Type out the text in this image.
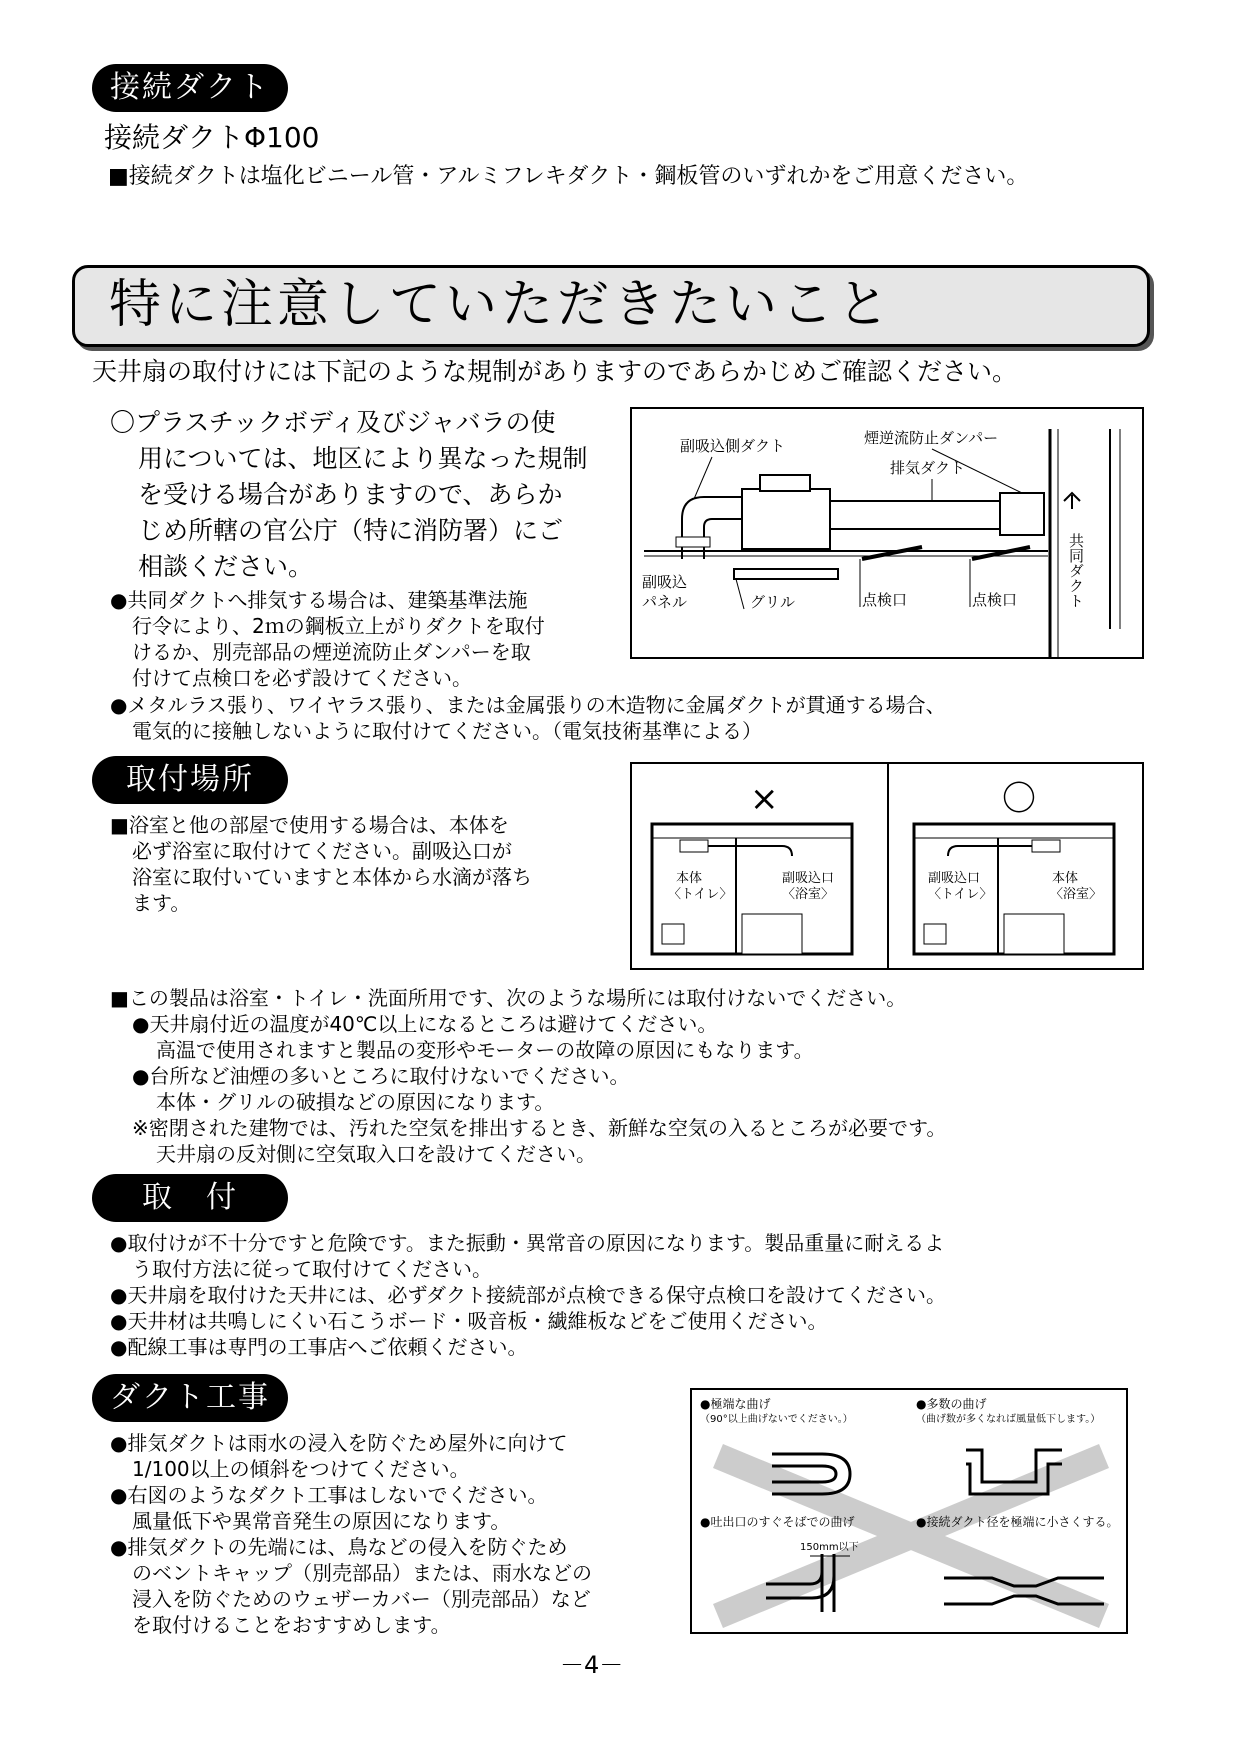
接続ダクト
接続ダクトΦ100
■接続ダクトは塩化ビニール管・アルミフレキダクト・鋼板管のいずれかをご用意ください。
特に注意していただきたいこと
天井扇の取付けには下記のような規制がありますのであらかじめご確認ください。
〇プラスチックボディ及びジャバラの使
用については、地区により異なった規制
を受ける場合がありますので、あらか
じめ所轄の官公庁（特に消防署）にご
相談ください。
●共同ダクトへ排気する場合は、建築基準法施
行令により、2ｍの鋼板立上がりダクトを取付
けるか、別売部品の煙逆流防止ダンパーを取
付けて点検口を必ず設けてください。
●メタルラス張り、ワイヤラス張り、または金属張りの木造物に金属ダクトが貫通する場合、
電気的に接触しないように取付けてください。（電気技術基準による）
副吸込側ダクト	煙逆流防止ダンパー
排気ダクト
副吸込
パネル	グリル	点検口	点検口	共同ダクト
取付場所
■浴室と他の部屋で使用する場合は、本体を
必ず浴室に取付けてください。副吸込口が
浴室に取付いていますと本体から水滴が落ち
ます。
×	〇
本体
〈トイレ〉
副吸込口
〈浴室〉
副吸込口
〈トイレ〉
本体
〈浴室〉
■この製品は浴室・トイレ・洗面所用です、次のような場所には取付けないでください。
●天井扇付近の温度が40℃以上になるところは避けてください。
高温で使用されますと製品の変形やモーターの故障の原因にもなります。
●台所など油煙の多いところに取付けないでください。
本体・グリルの破損などの原因になります。
※密閉された建物では、汚れた空気を排出するとき、新鮮な空気の入るところが必要です。
天井扇の反対側に空気取入口を設けてください。
取　付
●取付けが不十分ですと危険です。また振動・異常音の原因になります。製品重量に耐えるよ
う取付方法に従って取付けてください。
●天井扇を取付けた天井には、必ずダクト接続部が点検できる保守点検口を設けてください。
●天井材は共鳴しにくい石こうボード・吸音板・繊維板などをご使用ください。
●配線工事は専門の工事店へご依頼ください。
ダクト工事
●排気ダクトは雨水の浸入を防ぐため屋外に向けて
1/100以上の傾斜をつけてください。
●右図のようなダクト工事はしないでください。
風量低下や異常音発生の原因になります。
●排気ダクトの先端には、鳥などの侵入を防ぐため
のベントキャップ（別売部品）または、雨水などの
浸入を防ぐためのウェザーカバー（別売部品）など
を取付けることをおすすめします。
●極端な曲げ
（90°以上曲げないでください。）
●多数の曲げ
（曲げ数が多くなれば風量低下します。）
●吐出口のすぐそばでの曲げ	●接続ダクト径を極端に小さくする。
150mm以下
－4－
